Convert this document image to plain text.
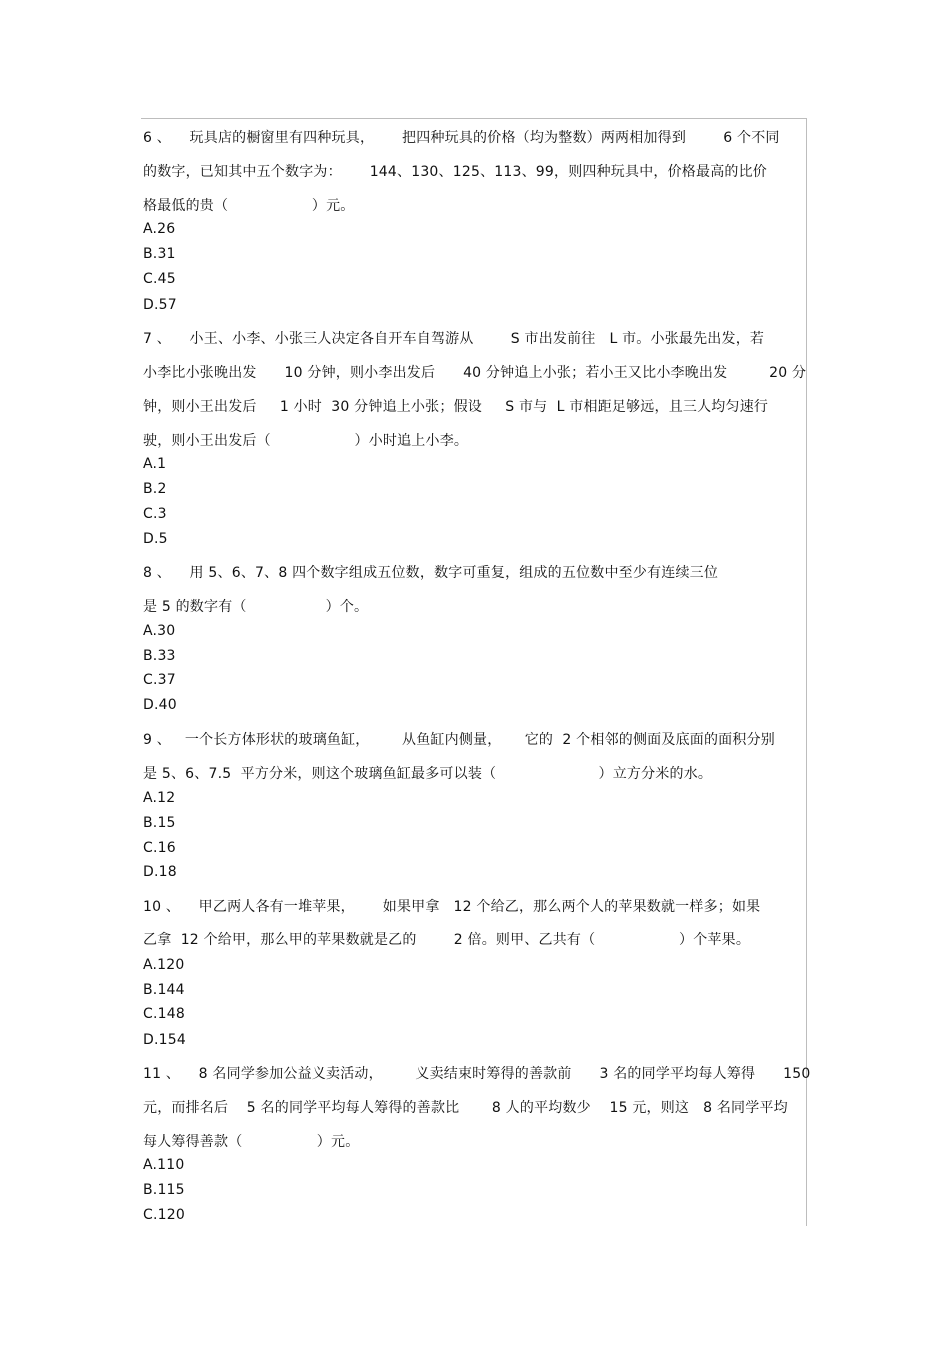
6 、    玩具店的橱窗里有四种玩具，      把四种玩具的价格（均为整数）两两相加得到        6 个不同
的数字，已知其中五个数字为：      144、130、125、113、99，则四种玩具中，价格最高的比价
格最低的贵（                  ）元。
A.26
B.31
C.45
D.57
7 、    小王、小李、小张三人决定各自开车自驾游从        S 市出发前往   L 市。小张最先出发，若
小李比小张晚出发      10 分钟，则小李出发后      40 分钟追上小张；若小王又比小李晚出发         20 分
钟，则小王出发后     1 小时  30 分钟追上小张；假设     S 市与  L 市相距足够远，且三人均匀速行
驶，则小王出发后（                  ）小时追上小李。
A.1
B.2
C.3
D.5
8 、    用 5、6、7、8 四个数字组成五位数，数字可重复，组成的五位数中至少有连续三位
是 5 的数字有（                 ）个。
A.30
B.33
C.37
D.40
9 、   一个长方体形状的玻璃鱼缸，       从鱼缸内侧量，     它的  2 个相邻的侧面及底面的面积分别
是 5、6、7.5  平方分米，则这个玻璃鱼缸最多可以装（                      ）立方分米的水。
A.12
B.15
C.16
D.18
10 、    甲乙两人各有一堆苹果，      如果甲拿   12 个给乙，那么两个人的苹果数就一样多；如果
乙拿  12 个给甲，那么甲的苹果数就是乙的        2 倍。则甲、乙共有（                  ）个苹果。
A.120
B.144
C.148
D.154
11 、    8 名同学参加公益义卖活动，       义卖结束时筹得的善款前      3 名的同学平均每人筹得      150
元，而排名后    5 名的同学平均每人筹得的善款比       8 人的平均数少    15 元，则这   8 名同学平均
每人筹得善款（                ）元。
A.110
B.115
C.120
